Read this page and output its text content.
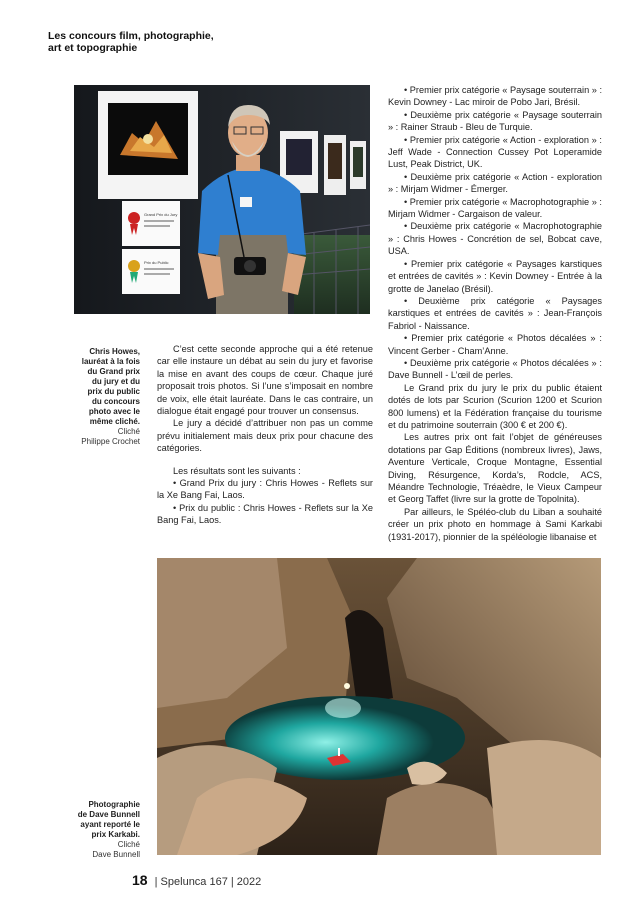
Les concours film, photographie,
art et topographie
Grand Prix du Jury
Prix du Public
Chris Howes,
lauréat à la fois
du Grand prix
du jury et du
prix du public
du concours
photo avec le
même cliché.
Cliché
Philippe Crochet

C’est cette seconde approche qui a été retenue car elle instaure un débat au sein du jury et favorise la mise en avant des coups de cœur. Chaque juré proposait trois photos. Si l’une s’imposait en nombre de voix, elle était lauréate. Dans le cas contraire, un dialogue était engagé pour trouver un consensus.

Le jury a décidé d’attribuer non pas un comme prévu initialement mais deux prix pour chacune des catégories.

Les résultats sont les suivants :

• Grand Prix du jury : Chris Howes - Reflets sur la Xe Bang Fai, Laos.

• Prix du public : Chris Howes - Reflets sur la Xe Bang Fai, Laos.

• Premier prix catégorie « Paysage souterrain » : Kevin Downey - Lac miroir de Pobo Jari, Brésil.

• Deuxième prix catégorie « Paysage souterrain » : Rainer Straub - Bleu de Turquie.

• Premier prix catégorie « Action - exploration » : Jeff Wade - Connection Cussey Pot Loperamide Lust, Peak District, UK.

• Deuxième prix catégorie « Action - exploration » : Mirjam Widmer - Émerger.

• Premier prix catégorie « Macrophotographie » : Mirjam Widmer - Cargaison de valeur.

• Deuxième prix catégorie « Macrophotographie » : Chris Howes - Concrétion de sel, Bobcat cave, USA.

• Premier prix catégorie « Paysages karstiques et entrées de cavités » : Kevin Downey - Entrée à la grotte de Janelao (Brésil).

• Deuxième prix catégorie « Paysages karstiques et entrées de cavités » : Jean-François Fabriol - Naissance.

• Premier prix catégorie « Photos décalées » : Vincent Gerber - Cham’Anne.

• Deuxième prix catégorie « Photos décalées » : Dave Bunnell - L’œil de perles.

Le Grand prix du jury le prix du public étaient dotés de lots par Scurion (Scurion 1200 et Scurion 800 lumens) et la Fédération française du tourisme et du patrimoine souterrain (300 € et 200 €).

Les autres prix ont fait l’objet de généreuses dotations par Gap Éditions (nombreux livres), Jaws, Aventure Verticale, Croque Montagne, Essential Diving, Résurgence, Korda’s, Rodcle, ACS, Méandre Technologie, Tréaèdre, le Vieux Campeur et Georg Taffet (livre sur la grotte de Topolnita).

Par ailleurs, le Spéléo-club du Liban a souhaité créer un prix photo en hommage à Sami Karkabi (1931-2017), pionnier de la spéléologie libanaise et

Photographie
de Dave Bunnell
ayant reporté le
prix Karkabi.
Cliché
Dave Bunnell
18 | Spelunca 167 | 2022
